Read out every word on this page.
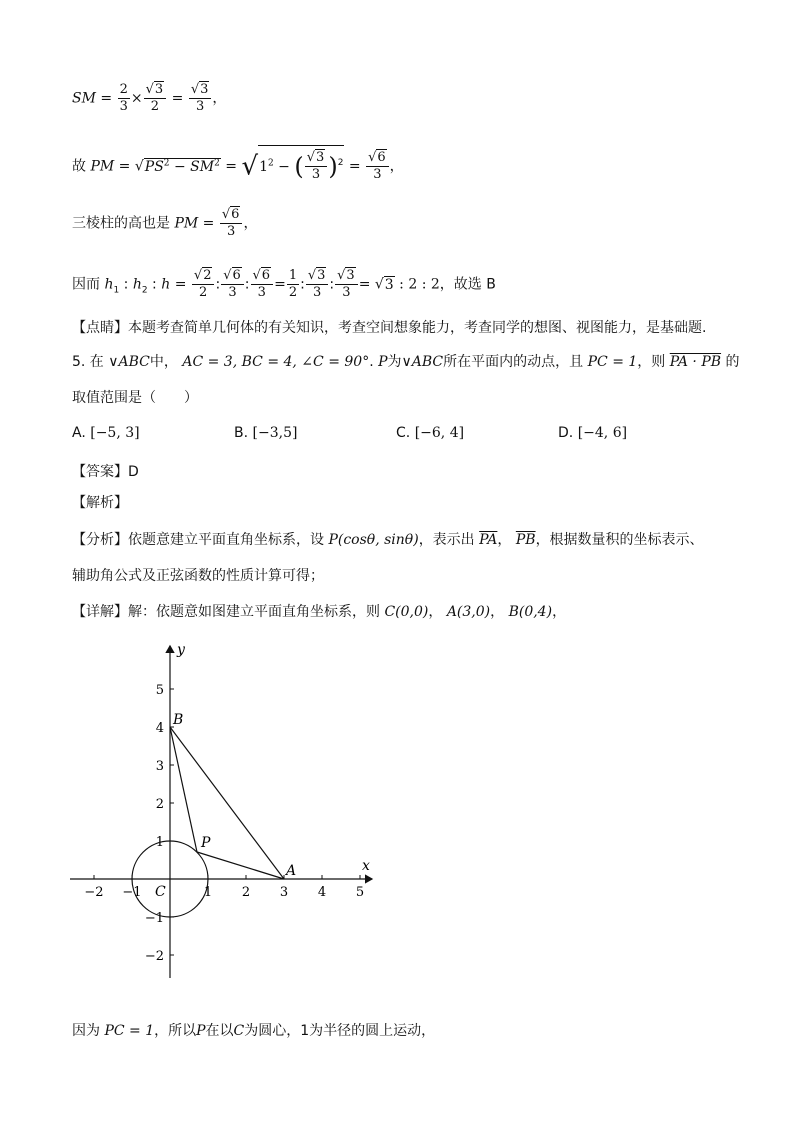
SM = $\frac{2}{3} \times \frac{√3}{2} = \frac{√3}{3}$ ，
故 PM = $√PS^2 - SM^2 = √1^2$ − ( $\frac{√3}{3} )^2 = \frac{√6}{3}$ ，
三棱柱的高也是 PM = $\frac{√6}{3}$ ，
因而 $h_1$ : $h_2$ : $h = \frac{√2}{2}$ : $\frac{√6}{3}$ : $\frac{√6}{3} = \frac{1}{2}$ : $\frac{√3}{3}$ : $\frac{√3}{3} = √3$ : 2 : 2，故选 B
【点睛】本题考查简单几何体的有关知识，考查空间想象能力，考查同学的想图、视图能力，是基础题.
5. 在 ∨ABC中， AC = 3, BC = 4, ∠C = 90°. P为∨ABC所在平面内的动点，且 PC = 1，则 PA · PB 的
取值范围是（　　）
A. [−5, 3]	B. [−3,5]	C. [−6, 4]	D. [−4, 6]
【答案】D
【解析】
【分析】依题意建立平面直角坐标系，设 P(cosθ, sinθ)，表示出 $\overline{PA}$， $\overline{PB}$，根据数量积的坐标表示、
辅助角公式及正弦函数的性质计算可得；
【详解】解：依题意如图建立平面直角坐标系，则 C(0,0)， A(3,0)， B(0,4)，
x
y
−2 −1	1 2 3 4 5
5
4
3
2
1
−1
−2
B
P
A
C
因为 PC = 1，所以P在以C为圆心，1为半径的圆上运动，
